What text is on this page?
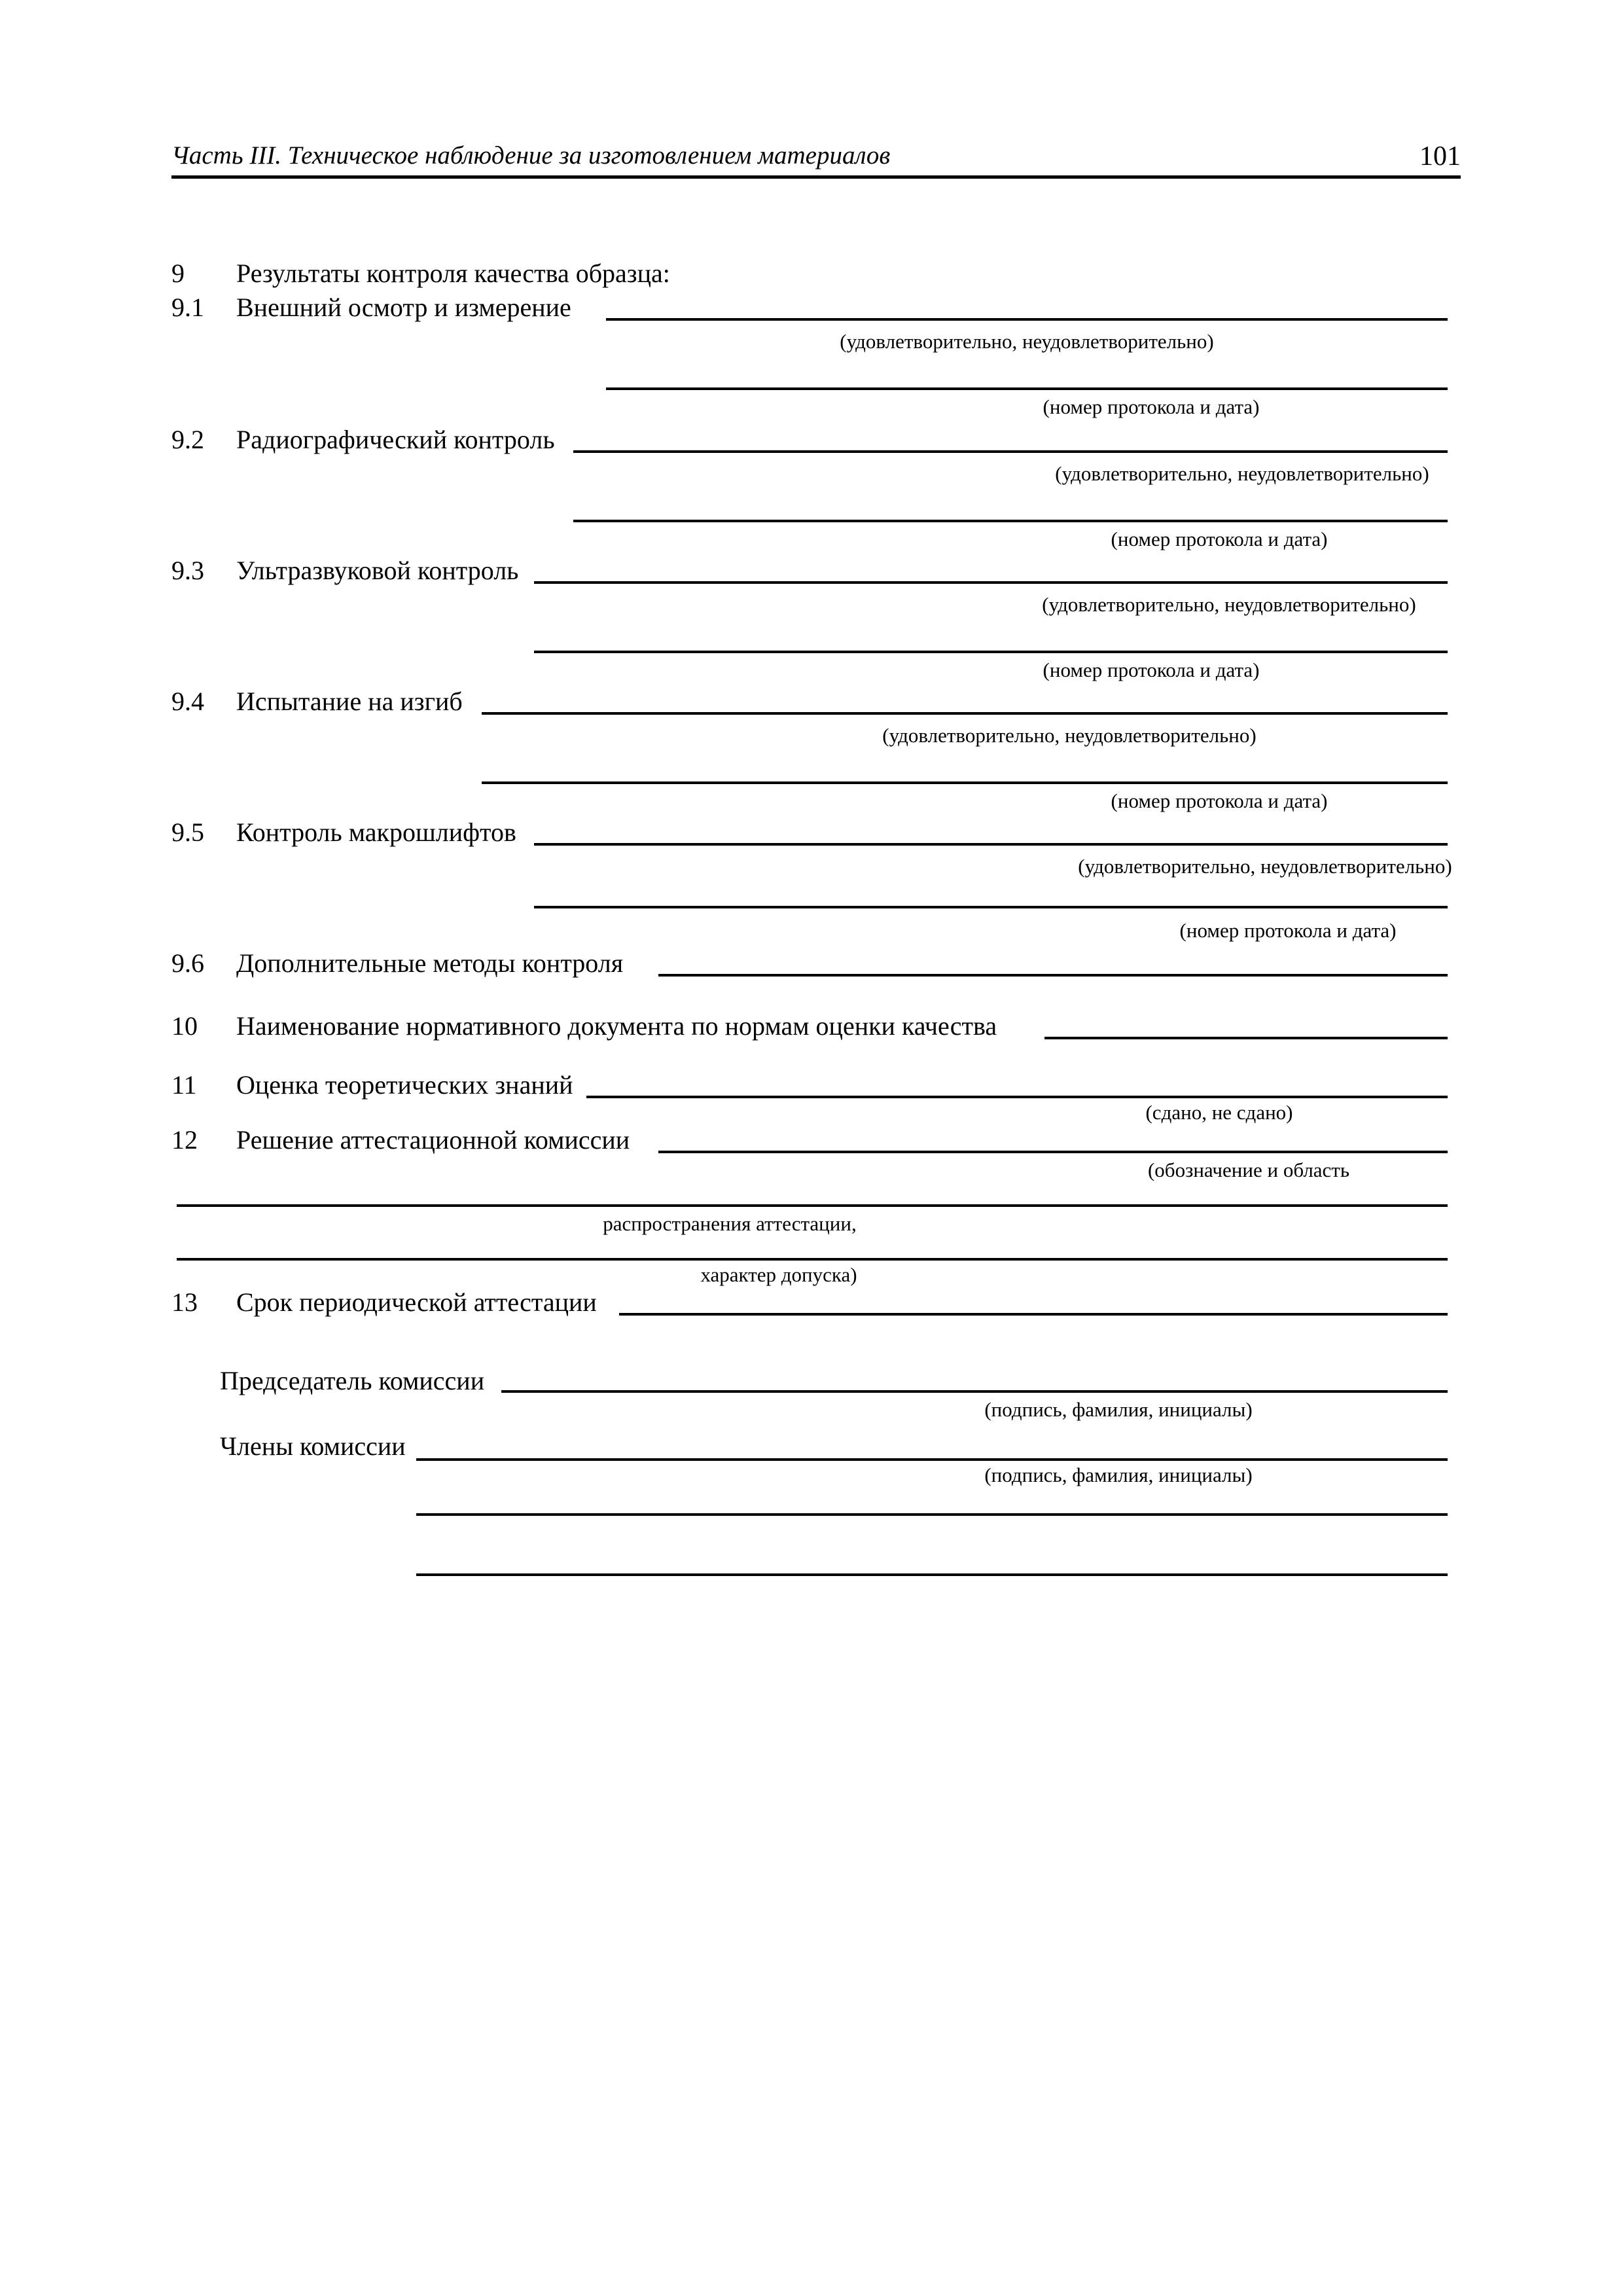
Часть III. Техническое наблюдение за изготовлением материалов	101
9 Результаты контроля качества образца:
9.1 Внешний осмотр и измерение
(удовлетворительно, неудовлетворительно)
(номер протокола и дата)
9.2 Радиографический контроль
(удовлетворительно, неудовлетворительно)
(номер протокола и дата)
9.3 Ультразвуковой контроль
(удовлетворительно, неудовлетворительно)
(номер протокола и дата)
9.4 Испытание на изгиб
(удовлетворительно, неудовлетворительно)
(номер протокола и дата)
9.5 Контроль макрошлифтов
(удовлетворительно, неудовлетворительно)
(номер протокола и дата)
9.6 Дополнительные методы контроля
10 Наименование нормативного документа по нормам оценки качества
11 Оценка теоретических знаний
(сдано, не сдано)
12 Решение аттестационной комиссии
(обозначение и область
распространения аттестации,
характер допуска)
13 Срок периодической аттестации
Председатель комиссии
(подпись, фамилия, инициалы)
Члены комиссии
(подпись, фамилия, инициалы)
